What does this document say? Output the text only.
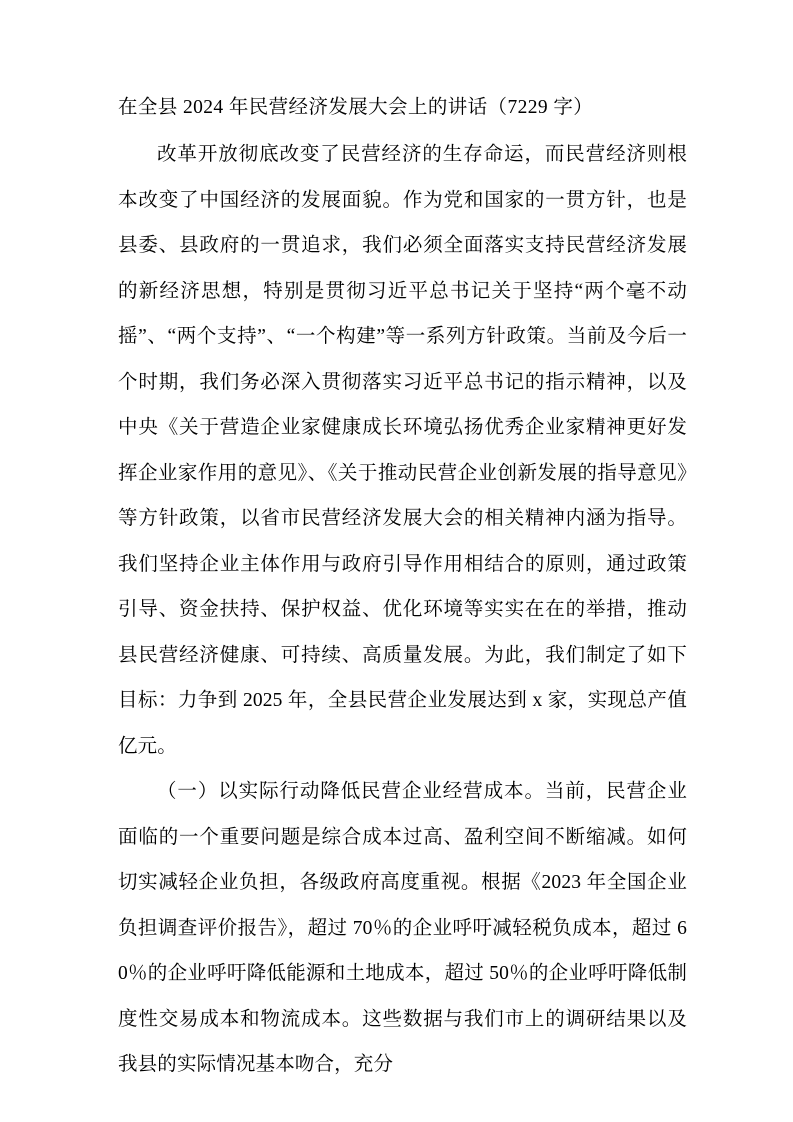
在全县 2024 年民营经济发展大会上的讲话（7229 字）

改革开放彻底改变了民营经济的生存命运，而民营经济则根本改变了中国经济的发展面貌。作为党和国家的一贯方针，也是县委、县政府的一贯追求，我们必须全面落实支持民营经济发展的新经济思想，特别是贯彻习近平总书记关于坚持“两个毫不动摇”、“两个支持”、“一个构建”等一系列方针政策。当前及今后一个时期，我们务必深入贯彻落实习近平总书记的指示精神，以及中央《关于营造企业家健康成长环境弘扬优秀企业家精神更好发挥企业家作用的意见》、《关于推动民营企业创新发展的指导意见》等方针政策，以省市民营经济发展大会的相关精神内涵为指导。我们坚持企业主体作用与政府引导作用相结合的原则，通过政策引导、资金扶持、保护权益、优化环境等实实在在的举措，推动县民营经济健康、可持续、高质量发展。为此，我们制定了如下目标：力争到 2025 年，全县民营企业发展达到 x 家，实现总产值亿元。

（一）以实际行动降低民营企业经营成本。当前，民营企业面临的一个重要问题是综合成本过高、盈利空间不断缩减。如何切实减轻企业负担，各级政府高度重视。根据《2023 年全国企业负担调查评价报告》，超过 70％的企业呼吁减轻税负成本，超过 60％的企业呼吁降低能源和土地成本，超过 50％的企业呼吁降低制度性交易成本和物流成本。这些数据与我们市上的调研结果以及我县的实际情况基本吻合，充分
